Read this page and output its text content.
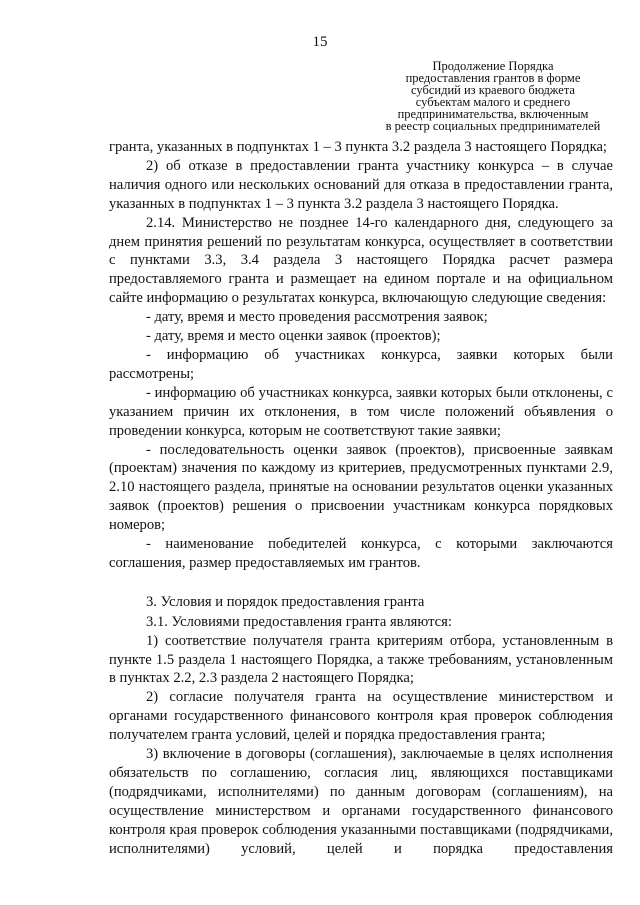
15
Продолжение Порядка
предоставления грантов в форме
субсидий из краевого бюджета
субъектам малого и среднего
предпринимательства, включенным
в реестр социальных предпринимателей

гранта, указанных в подпунктах 1 – 3 пункта 3.2 раздела 3 настоящего Порядка;

2) об отказе в предоставлении гранта участнику конкурса – в случае наличия одного или нескольких оснований для отказа в предоставлении гранта, указанных в подпунктах 1 – 3 пункта 3.2 раздела 3 настоящего Порядка.

2.14. Министерство не позднее 14-го календарного дня, следующего за днем принятия решений по результатам конкурса, осуществляет в соответствии с пунктами 3.3, 3.4 раздела 3 настоящего Порядка расчет размера предоставляемого гранта и размещает на едином портале и на официальном сайте информацию о результатах конкурса, включающую следующие сведения:

- дату, время и место проведения рассмотрения заявок;

- дату, время и место оценки заявок (проектов);

- информацию об участниках конкурса, заявки которых были рассмотрены;

- информацию об участниках конкурса, заявки которых были отклонены, с указанием причин их отклонения, в том числе положений объявления о проведении конкурса, которым не соответствуют такие заявки;

- последовательность оценки заявок (проектов), присвоенные заявкам (проектам) значения по каждому из критериев, предусмотренных пунктами 2.9, 2.10 настоящего раздела, принятые на основании результатов оценки указанных заявок (проектов) решения о присвоении участникам конкурса порядковых номеров;

- наименование победителей конкурса, с которыми заключаются соглашения, размер предоставляемых им грантов.

3. Условия и порядок предоставления гранта

3.1. Условиями предоставления гранта являются:

1) соответствие получателя гранта критериям отбора, установленным в пункте 1.5 раздела 1 настоящего Порядка, а также требованиям, установленным в пунктах 2.2, 2.3 раздела 2 настоящего Порядка;

2) согласие получателя гранта на осуществление министерством и органами государственного финансового контроля края проверок соблюдения получателем гранта условий, целей и порядка предоставления гранта;

3) включение в договоры (соглашения), заключаемые в целях исполнения обязательств по соглашению, согласия лиц, являющихся поставщиками (подрядчиками, исполнителями) по данным договорам (соглашениям), на осуществление министерством и органами государственного финансового контроля края проверок соблюдения указанными поставщиками (подрядчиками, исполнителями) условий, целей и порядка предоставления
